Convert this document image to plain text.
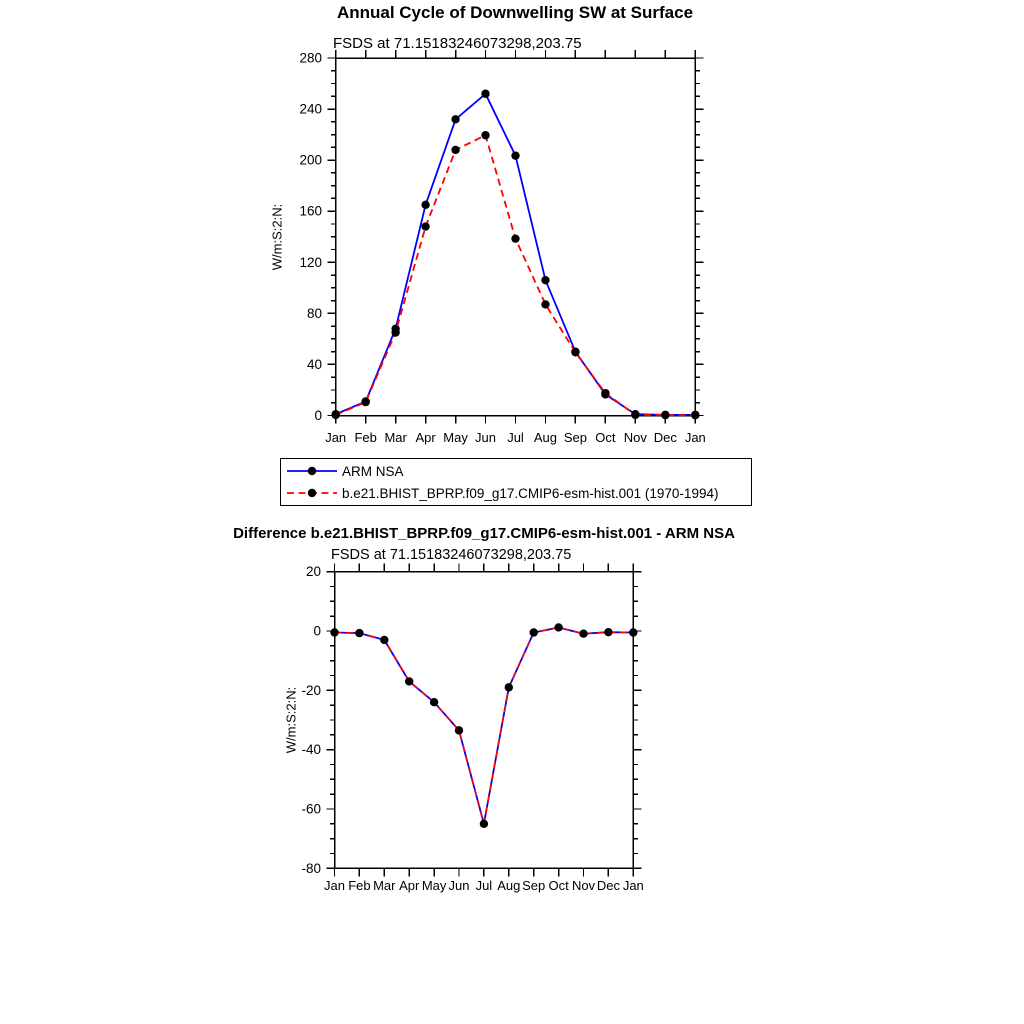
Jan Feb Mar Apr May Jun Jul Aug Sep Oct Nov Dec Jan
0
40
80
120
160
200
240
280
Jan Feb Mar Apr May Jun Jul Aug Sep Oct Nov Dec Jan
-80
-60
-40
-20
0
20
Annual Cycle of Downwelling SW at Surface
FSDS at 71.15183246073298,203.75
W/m:S:2:N:
ARM NSA
b.e21.BHIST_BPRP.f09_g17.CMIP6-esm-hist.001 (1970-1994)
Difference b.e21.BHIST_BPRP.f09_g17.CMIP6-esm-hist.001 - ARM NSA
FSDS at 71.15183246073298,203.75
W/m:S:2:N:
